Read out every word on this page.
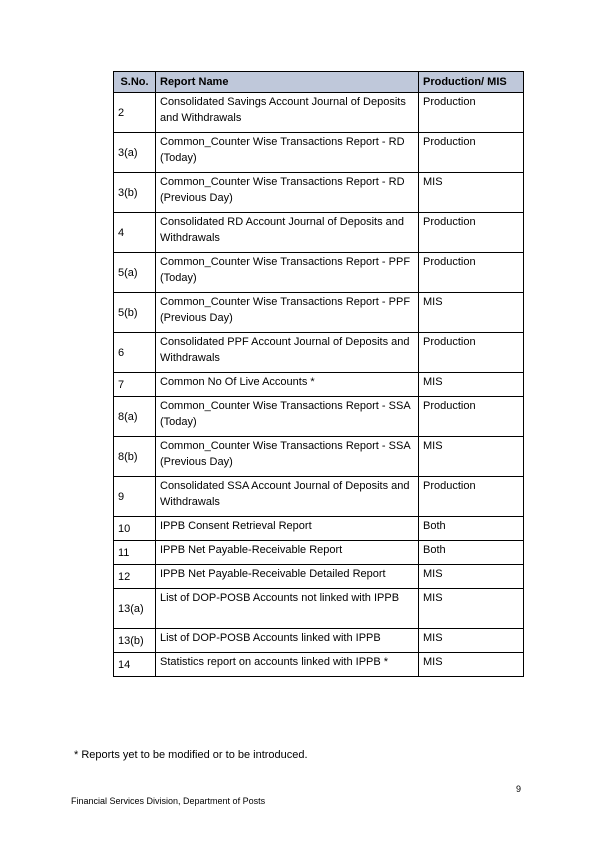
S.No.	Report Name	Production/ MIS
2	Consolidated Savings Account Journal of Deposits and Withdrawals	Production
3(a)	Common_Counter Wise Transactions Report - RD (Today)	Production
3(b)	Common_Counter Wise Transactions Report - RD (Previous Day)	MIS
4	Consolidated RD Account Journal of Deposits and Withdrawals	Production
5(a)	Common_Counter Wise Transactions Report - PPF (Today)	Production
5(b)	Common_Counter Wise Transactions Report - PPF (Previous Day)	MIS
6	Consolidated PPF Account Journal of Deposits and Withdrawals	Production
7	Common No Of Live Accounts *	MIS
8(a)	Common_Counter Wise Transactions Report - SSA (Today)	Production
8(b)	Common_Counter Wise Transactions Report - SSA (Previous Day)	MIS
9	Consolidated SSA Account Journal of Deposits and Withdrawals	Production
10	IPPB Consent Retrieval Report	Both
11	IPPB Net Payable-Receivable Report	Both
12	IPPB Net Payable-Receivable Detailed Report	MIS
13(a)	List of DOP-POSB Accounts not linked with IPPB	MIS
13(b)	List of DOP-POSB Accounts linked with IPPB	MIS
14	Statistics report on accounts linked with IPPB *	MIS
* Reports yet to be modified or to be introduced.
9
Financial Services Division, Department of Posts
